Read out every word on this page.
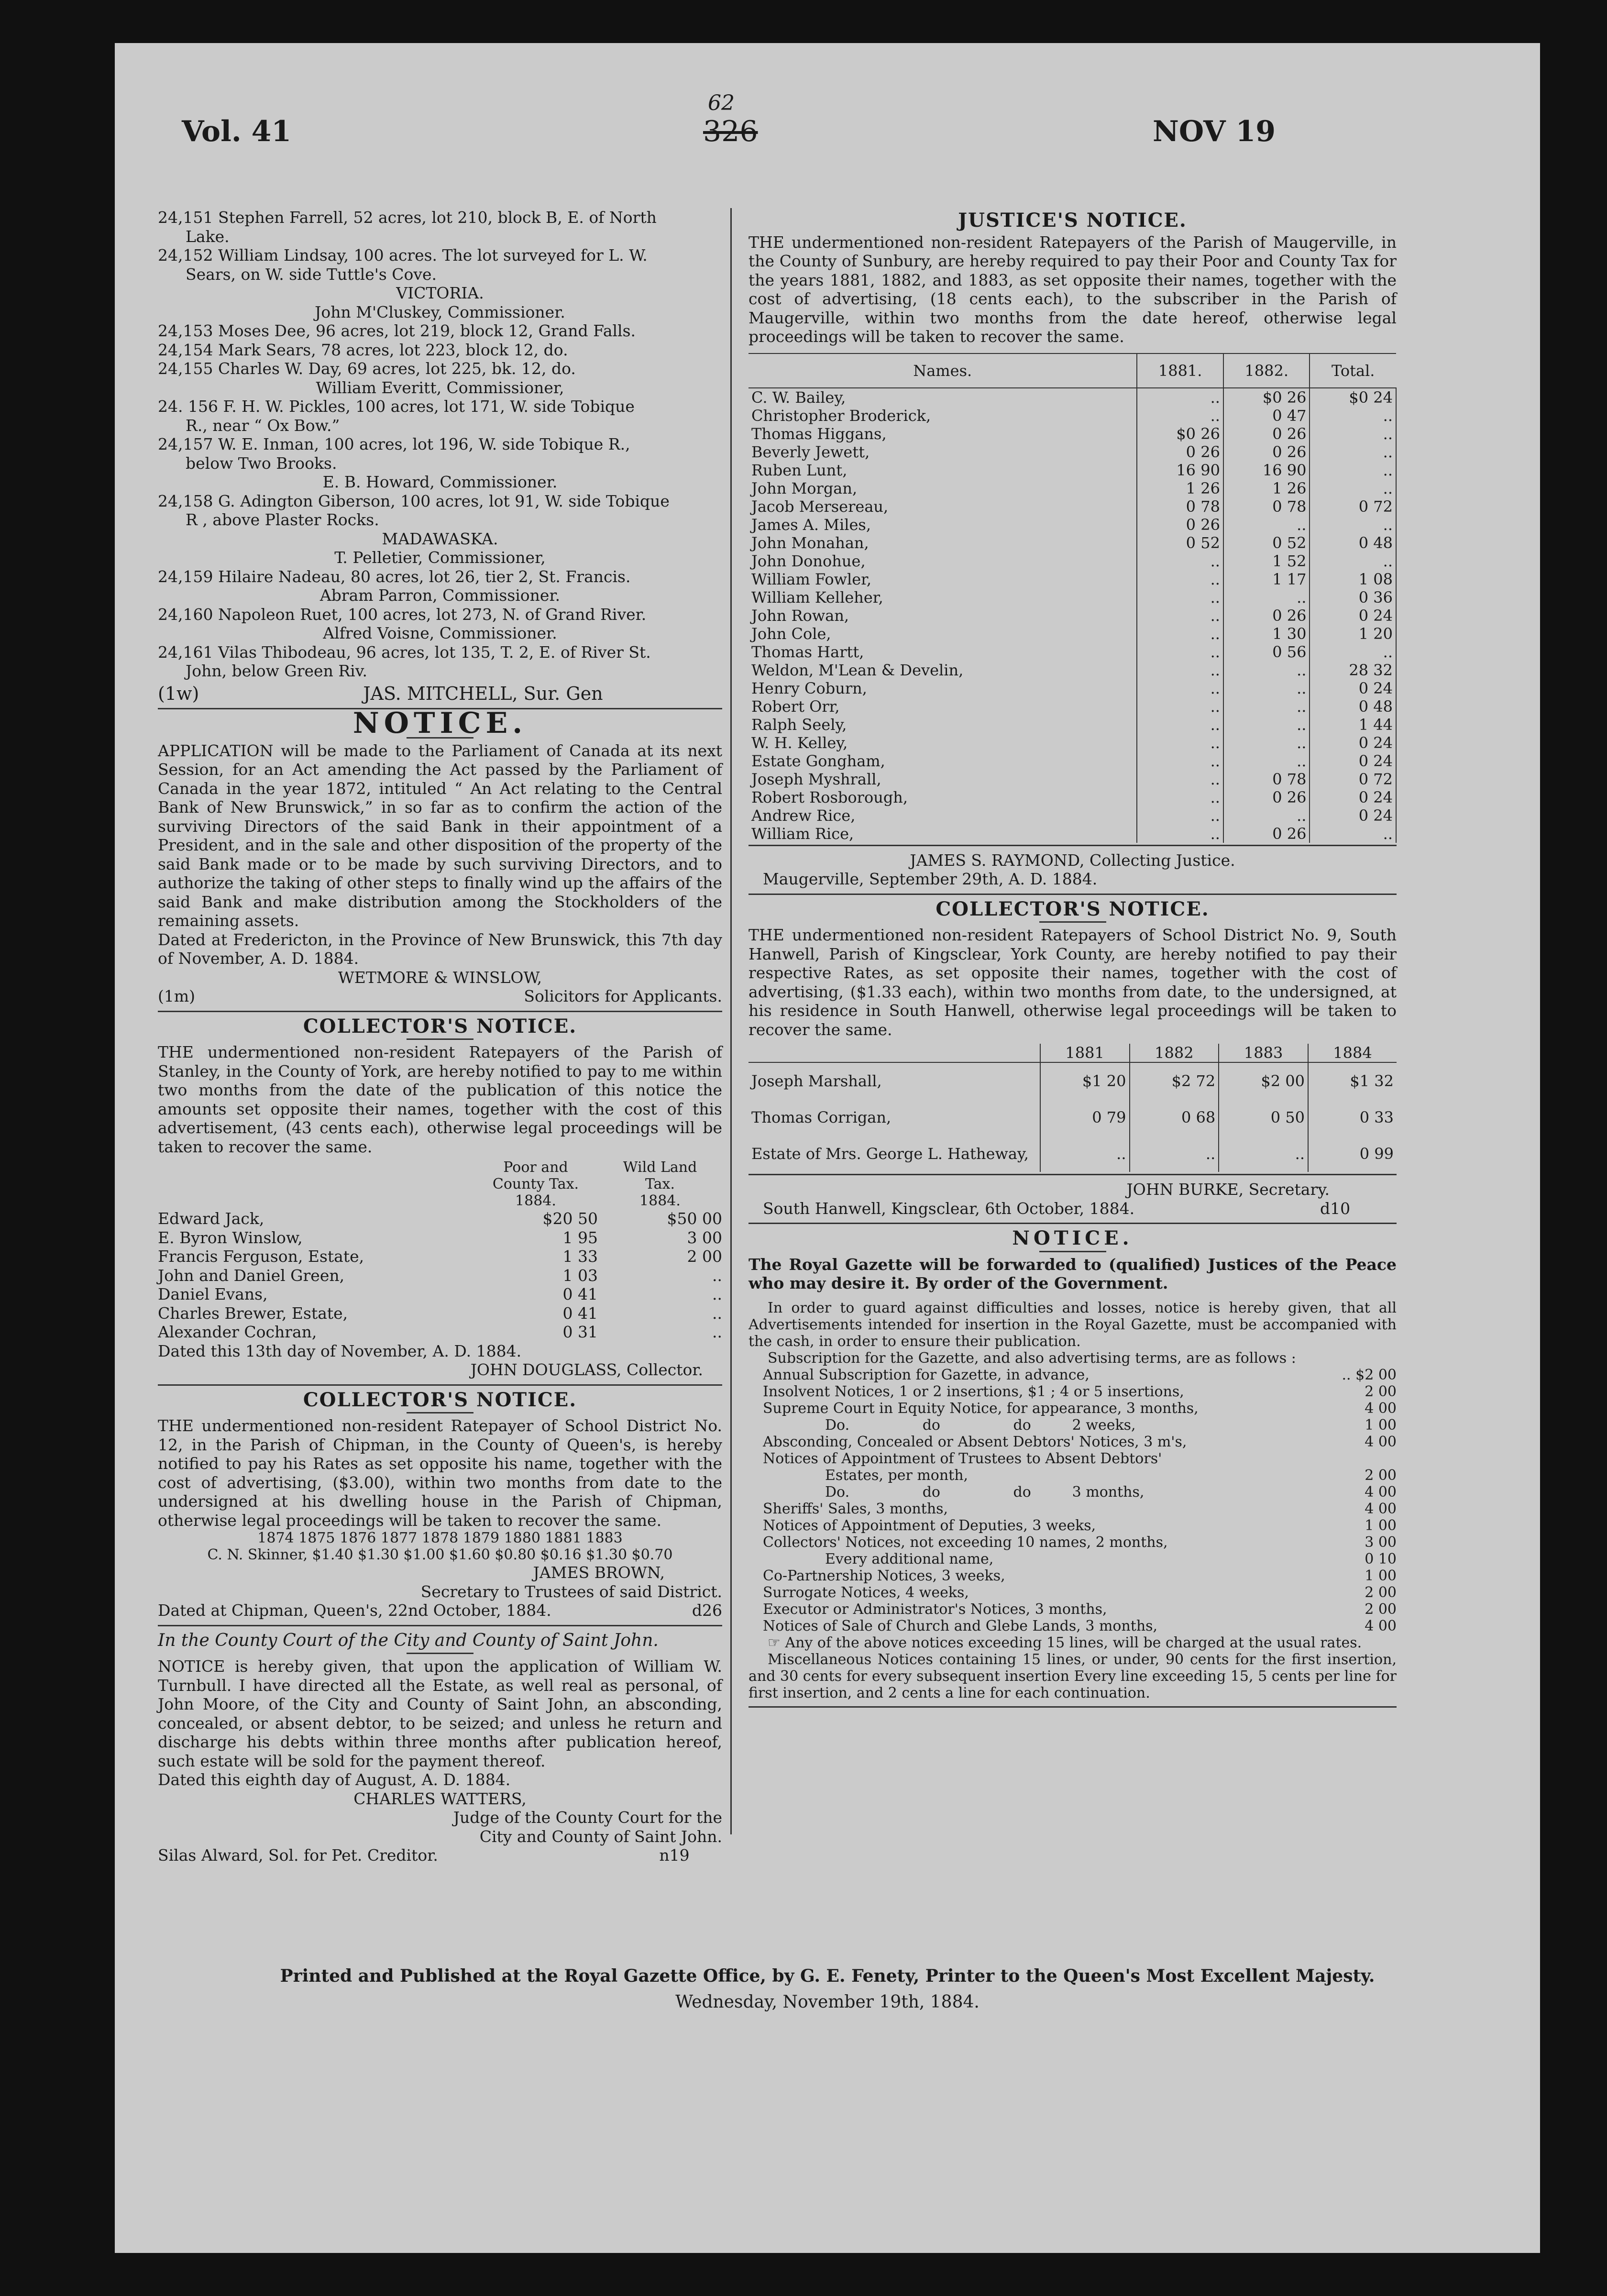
Vol. 41	326
62
NOV 19
24,151 Stephen Farrell, 52 acres, lot 210, block B, E. of North
Lake.
24,152 William Lindsay, 100 acres. The lot surveyed for L. W.
Sears, on W. side Tuttle's Cove.
VICTORIA.
John M'Cluskey, Commissioner.
24,153 Moses Dee, 96 acres, lot 219, block 12, Grand Falls.
24,154 Mark Sears, 78 acres, lot 223, block 12, do.
24,155 Charles W. Day, 69 acres, lot 225, bk. 12, do.
William Everitt, Commissioner,
24. 156 F. H. W. Pickles, 100 acres, lot 171, W. side Tobique
R., near “ Ox Bow.”
24,157 W. E. Inman, 100 acres, lot 196, W. side Tobique R.,
below Two Brooks.
E. B. Howard, Commissioner.
24,158 G. Adington Giberson, 100 acres, lot 91, W. side Tobique
R , above Plaster Rocks.
MADAWASKA.
T. Pelletier, Commissioner,
24,159 Hilaire Nadeau, 80 acres, lot 26, tier 2, St. Francis.
Abram Parron, Commissioner.
24,160 Napoleon Ruet, 100 acres, lot 273, N. of Grand River.
Alfred Voisne, Commissioner.
24,161 Vilas Thibodeau, 96 acres, lot 135, T. 2, E. of River St.
John, below Green Riv.
(1w)	JAS. MITCHELL, Sur. Gen
NOTICE.
APPLICATION will be made to the Parliament of Canada at its next Session, for an Act amending the Act passed by the Parliament of Canada in the year 1872, intituled “ An Act relating to the Central Bank of New Brunswick,” in so far as to confirm the action of the surviving Directors of the said Bank in their appointment of a President, and in the sale and other disposition of the property of the said Bank made or to be made by such surviving Directors, and to authorize the taking of other steps to finally wind up the affairs of the said Bank and make distribution among the Stockholders of the remaining assets.
Dated at Fredericton, in the Province of New Brunswick, this 7th day of November, A. D. 1884.
WETMORE & WINSLOW,
(1m)	Solicitors for Applicants.
COLLECTOR'S NOTICE.
THE undermentioned non-resident Ratepayers of the Parish of Stanley, in the County of York, are hereby notified to pay to me within two months from the date of the publication of this notice the amounts set opposite their names, together with the cost of this advertisement, (43 cents each), otherwise legal proceedings will be taken to recover the same.
Poor and
County Tax.
1884.
Wild Land
Tax.
1884.
Edward Jack,	$20 50	$50 00
E. Byron Winslow,	1 95	3 00
Francis Ferguson, Estate,	1 33	2 00
John and Daniel Green,	1 03	..
Daniel Evans,	0 41	..
Charles Brewer, Estate,	0 41	..
Alexander Cochran,	0 31	..
Dated this 13th day of November, A. D. 1884.
JOHN DOUGLASS, Collector.
COLLECTOR'S NOTICE.
THE undermentioned non-resident Ratepayer of School District No. 12, in the Parish of Chipman, in the County of Queen's, is hereby notified to pay his Rates as set opposite his name, together with the cost of advertising, ($3.00), within two months from date to the undersigned at his dwelling house in the Parish of Chipman, otherwise legal proceedings will be taken to recover the same.
1874 1875 1876 1877 1878 1879 1880 1881 1883
C. N. Skinner, $1.40 $1.30 $1.00 $1.60 $0.80 $0.16 $1.30 $0.70
JAMES BROWN,
Secretary to Trustees of said District.
Dated at Chipman, Queen's, 22nd October, 1884.	d26
In the County Court of the City and County of Saint John.
NOTICE is hereby given, that upon the application of William W. Turnbull. I have directed all the Estate, as well real as personal, of John Moore, of the City and County of Saint John, an absconding, concealed, or absent debtor, to be seized; and unless he return and discharge his debts within three months after publication hereof, such estate will be sold for the payment thereof.
Dated this eighth day of August, A. D. 1884.
CHARLES WATTERS,
Judge of the County Court for the
City and County of Saint John.
Silas Alward, Sol. for Pet. Creditor.	n19
JUSTICE'S NOTICE.
THE undermentioned non-resident Ratepayers of the Parish of Maugerville, in the County of Sunbury, are hereby required to pay their Poor and County Tax for the years 1881, 1882, and 1883, as set opposite their names, together with the cost of advertising, (18 cents each), to the subscriber in the Parish of Maugerville, within two months from the date hereof, otherwise legal proceedings will be taken to recover the same.
Names.	1881.	1882.	Total.
C. W. Bailey,	..	$0 26	$0 24
Christopher Broderick,	..	0 47	..
Thomas Higgans,	$0 26	0 26	..
Beverly Jewett,	0 26	0 26	..
Ruben Lunt,	16 90	16 90	..
John Morgan,	1 26	1 26	..
Jacob Mersereau,	0 78	0 78	0 72
James A. Miles,	0 26	..	..
John Monahan,	0 52	0 52	0 48
John Donohue,	..	1 52	..
William Fowler,	..	1 17	1 08
William Kelleher,	..	..	0 36
John Rowan,	..	0 26	0 24
John Cole,	..	1 30	1 20
Thomas Hartt,	..	0 56	..
Weldon, M'Lean & Develin,	..	..	28 32
Henry Coburn,	..	..	0 24
Robert Orr,	..	..	0 48
Ralph Seely,	..	..	1 44
W. H. Kelley,	..	..	0 24
Estate Gongham,	..	..	0 24
Joseph Myshrall,	..	0 78	0 72
Robert Rosborough,	..	0 26	0 24
Andrew Rice,	..	..	0 24
William Rice,	..	0 26	..
JAMES S. RAYMOND, Collecting Justice.
Maugerville, September 29th, A. D. 1884.
COLLECTOR'S NOTICE.
THE undermentioned non-resident Ratepayers of School District No. 9, South Hanwell, Parish of Kingsclear, York County, are hereby notified to pay their respective Rates, as set opposite their names, together with the cost of advertising, ($1.33 each), within two months from date, to the undersigned, at his residence in South Hanwell, otherwise legal proceedings will be taken to recover the same.
	1881	1882	1883	1884
Joseph Marshall,	$1 20	$2 72	$2 00	$1 32
Thomas Corrigan,	0 79	0 68	0 50	0 33
Estate of Mrs. George L. Hatheway,	..	..	..	0 99
JOHN BURKE, Secretary.
South Hanwell, Kingsclear, 6th October, 1884.	d10
NOTICE.
The Royal Gazette will be forwarded to (qualified) Justices of the Peace who may desire it. By order of the Government.
In order to guard against difficulties and losses, notice is hereby given, that all Advertisements intended for insertion in the Royal Gazette, must be accompanied with the cash, in order to ensure their publication.
Subscription for the Gazette, and also advertising terms, are as follows :
Annual Subscription for Gazette, in advance,	.. $2 00
Insolvent Notices, 1 or 2 insertions, $1 ; 4 or 5 insertions,	2 00
Supreme Court in Equity Notice, for appearance, 3 months,	4 00
Do.                do                do         2 weeks,	1 00
Absconding, Concealed or Absent Debtors' Notices, 3 m's,	4 00
Notices of Appointment of Trustees to Absent Debtors'
Estates, per month,	2 00
Do.                do                do         3 months,	4 00
Sheriffs' Sales, 3 months,	4 00
Notices of Appointment of Deputies, 3 weeks,	1 00
Collectors' Notices, not exceeding 10 names, 2 months,	3 00
Every additional name,	0 10
Co-Partnership Notices, 3 weeks,	1 00
Surrogate Notices, 4 weeks,	2 00
Executor or Administrator's Notices, 3 months,	2 00
Notices of Sale of Church and Glebe Lands, 3 months,	4 00
☞ Any of the above notices exceeding 15 lines, will be charged at the usual rates.
Miscellaneous Notices containing 15 lines, or under, 90 cents for the first insertion, and 30 cents for every subsequent insertion Every line exceeding 15, 5 cents per line for first insertion, and 2 cents a line for each continuation.
Printed and Published at the Royal Gazette Office, by G. E. Fenety, Printer to the Queen's Most Excellent Majesty.
Wednesday, November 19th, 1884.
